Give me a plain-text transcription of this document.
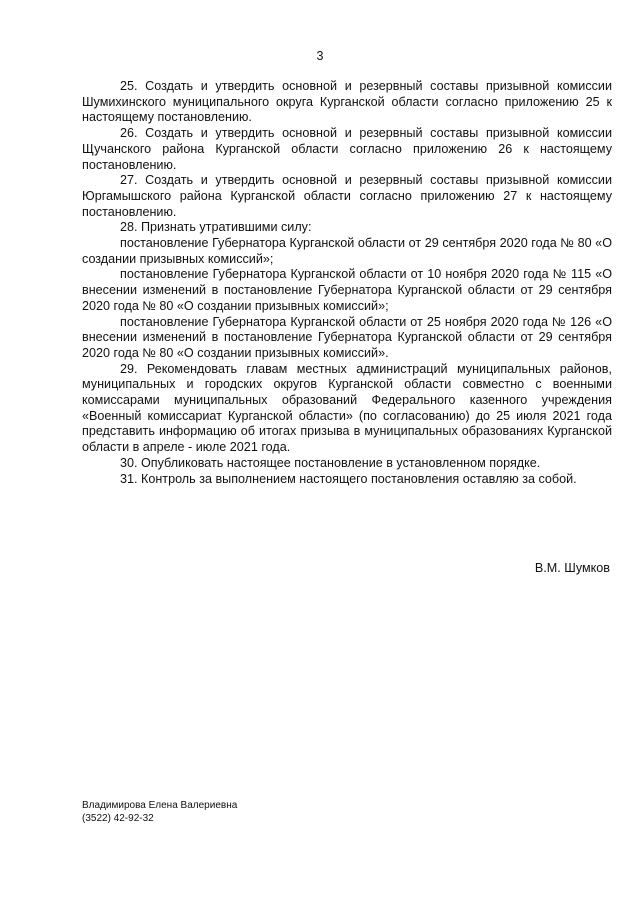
3

25. Создать и утвердить основной и резервный составы призывной комиссии Шумихинского муниципального округа Курганской области согласно приложению 25 к настоящему постановлению.

26. Создать и утвердить основной и резервный составы призывной комиссии Щучанского района Курганской области согласно приложению 26 к настоящему постановлению.

27. Создать и утвердить основной и резервный составы призывной комиссии Юргамышского района Курганской области согласно приложению 27 к настоящему постановлению.

28. Признать утратившими силу:

постановление Губернатора Курганской области от 29 сентября 2020 года № 80 «О создании призывных комиссий»;

постановление Губернатора Курганской области от 10 ноября 2020 года № 115 «О внесении изменений в постановление Губернатора Курганской области от 29 сентября 2020 года № 80 «О создании призывных комиссий»;

постановление Губернатора Курганской области от 25 ноября 2020 года № 126 «О внесении изменений в постановление Губернатора Курганской области от 29 сентября 2020 года № 80 «О создании призывных комиссий».

29. Рекомендовать главам местных администраций муниципальных районов, муниципальных и городских округов Курганской области совместно с военными комиссарами муниципальных образований Федерального казенного учреждения «Военный комиссариат Курганской области» (по согласованию) до 25 июля 2021 года представить информацию об итогах призыва в муниципальных образованиях Курганской области в апреле - июле 2021 года.

30. Опубликовать настоящее постановление в установленном порядке.

31. Контроль за выполнением настоящего постановления оставляю за собой.

В.М. Шумков
Владимирова Елена Валериевна
(3522) 42-92-32
